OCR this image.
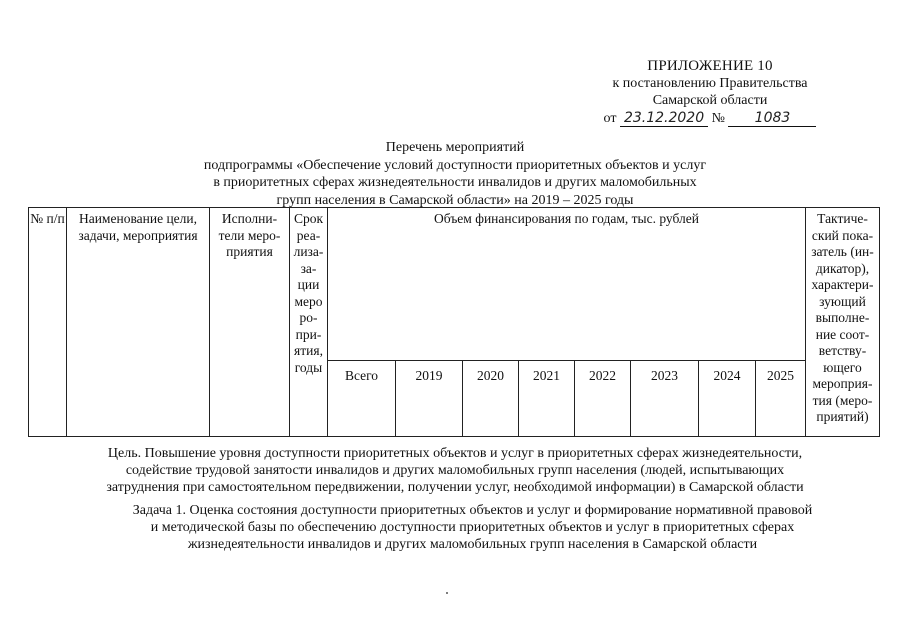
ПРИЛОЖЕНИЕ 10
к постановлению Правительства
Самарской области
от 23.12.2020 № 1083
Перечень мероприятий
подпрограммы «Обеспечение условий доступности приоритетных объектов и услуг
в приоритетных сферах жизнедеятельности инвалидов и других маломобильных
групп населения в Самарской области» на 2019 – 2025 годы
№ п/п	Наименование цели, задачи, мероприятия	Исполни-тели меро-приятия	Срок реа-лиза-за-ции меро ро-при-ятия, годы	Объем финансирования по годам, тыс. рублей								Тактиче-ский пока-затель (ин-дикатор), характери-зующий выполне-ние соот-ветству-ющего мероприя-тия (меро-приятий)
				Всего	2019	2020	2021	2022	2023	2024	2025	
Цель. Повышение уровня доступности приоритетных объектов и услуг в приоритетных сферах жизнедеятельности,
содействие трудовой занятости инвалидов и других маломобильных групп населения (людей, испытывающих
затруднения при самостоятельном передвижении, получении услуг, необходимой информации) в Самарской области
Задача 1. Оценка состояния доступности приоритетных объектов и услуг и формирование нормативной правовой
и методической базы по обеспечению доступности приоритетных объектов и услуг в приоритетных сферах
жизнедеятельности инвалидов и других маломобильных групп населения в Самарской области
